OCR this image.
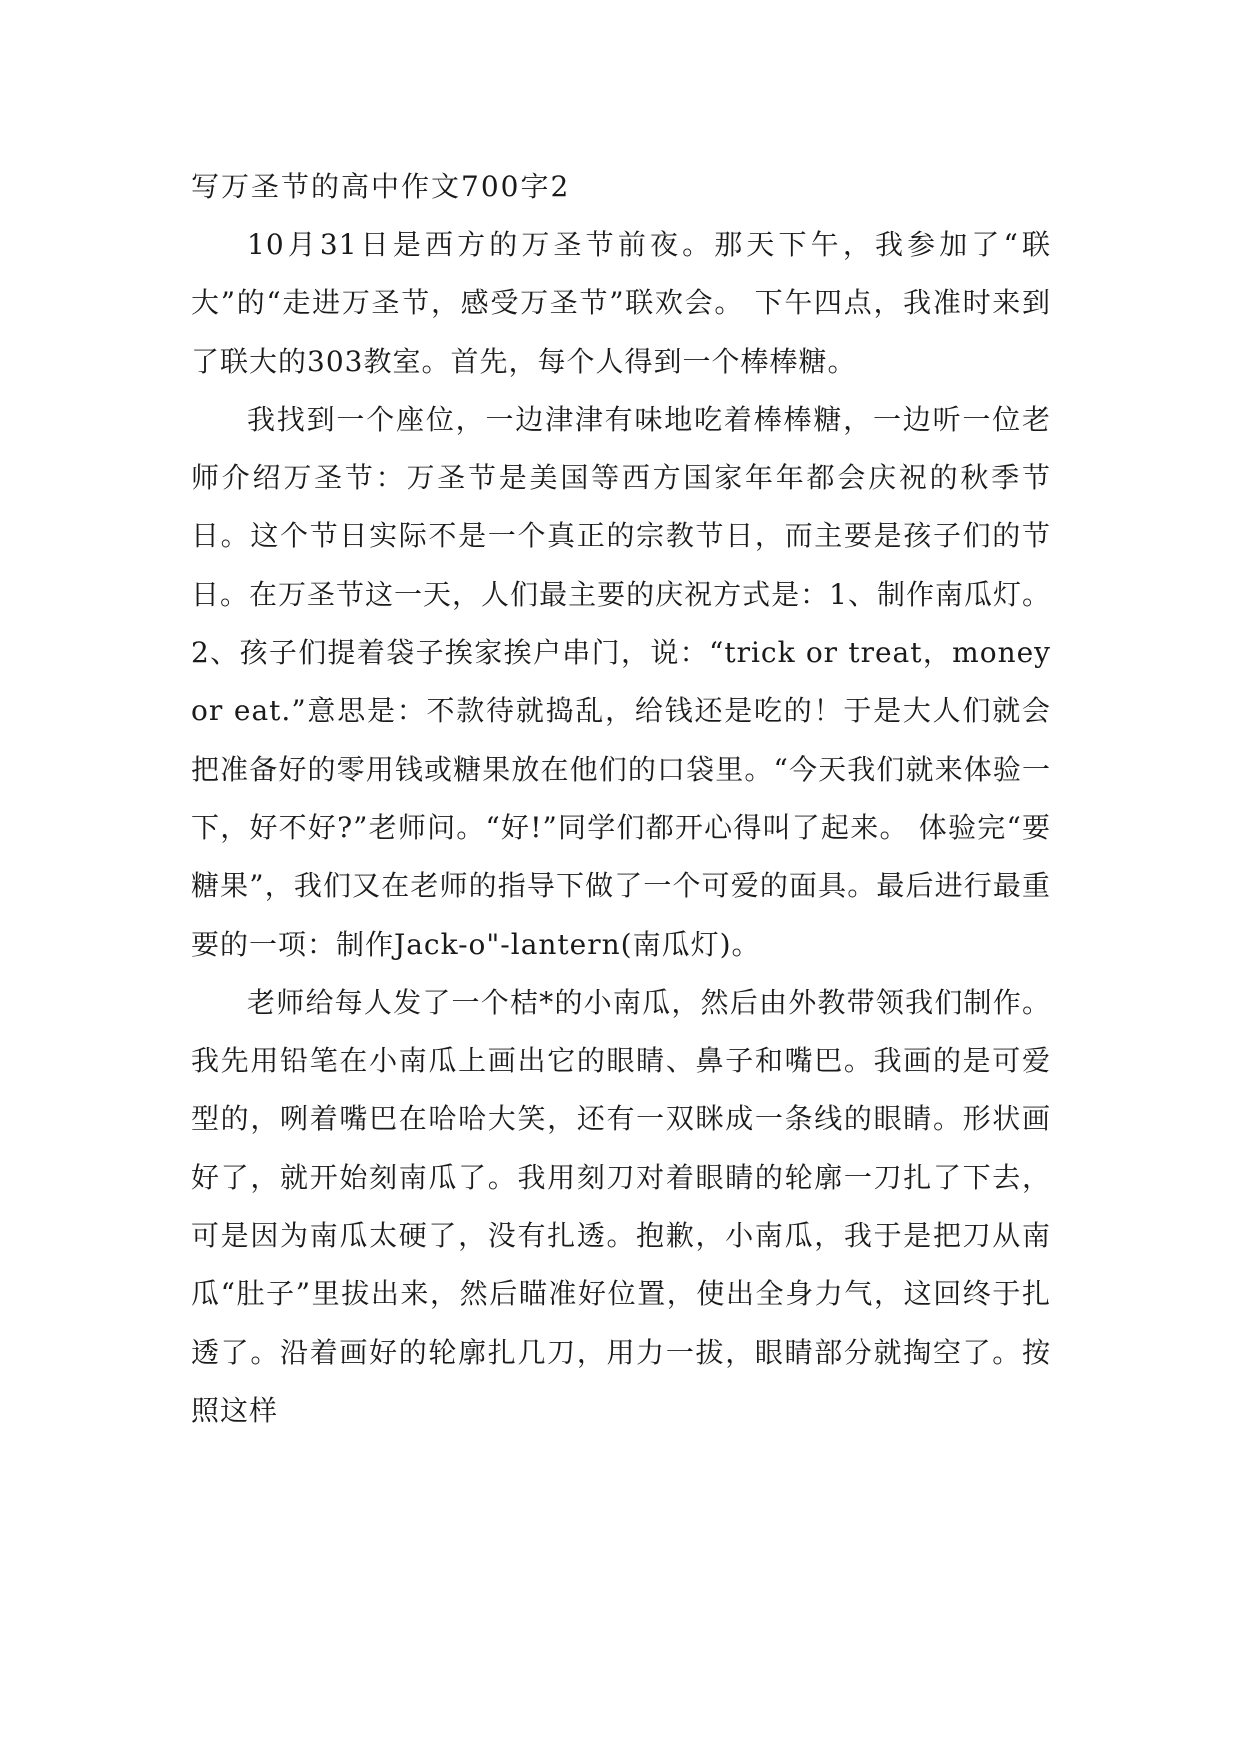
写万圣节的高中作文700字2

10月31日是西方的万圣节前夜。那天下午，我参加了“联大”的“走进万圣节，感受万圣节”联欢会。 下午四点，我准时来到了联大的303教室。首先，每个人得到一个棒棒糖。

我找到一个座位，一边津津有味地吃着棒棒糖，一边听一位老师介绍万圣节：万圣节是美国等西方国家年年都会庆祝的秋季节日。这个节日实际不是一个真正的宗教节日，而主要是孩子们的节日。在万圣节这一天，人们最主要的庆祝方式是：1、制作南瓜灯。2、孩子们提着袋子挨家挨户串门，说：“trick or treat，money or eat.”意思是：不款待就捣乱，给钱还是吃的！于是大人们就会把准备好的零用钱或糖果放在他们的口袋里。“今天我们就来体验一下，好不好?”老师问。“好!”同学们都开心得叫了起来。 体验完“要糖果”，我们又在老师的指导下做了一个可爱的面具。最后进行最重要的一项：制作Jack-o"-lantern(南瓜灯)。

老师给每人发了一个桔*的小南瓜，然后由外教带领我们制作。 我先用铅笔在小南瓜上画出它的眼睛、鼻子和嘴巴。我画的是可爱型的，咧着嘴巴在哈哈大笑，还有一双眯成一条线的眼睛。形状画好了，就开始刻南瓜了。我用刻刀对着眼睛的轮廓一刀扎了下去，可是因为南瓜太硬了，没有扎透。抱歉，小南瓜，我于是把刀从南瓜“肚子”里拔出来，然后瞄准好位置，使出全身力气，这回终于扎透了。沿着画好的轮廓扎几刀，用力一拔，眼睛部分就掏空了。按照这样
